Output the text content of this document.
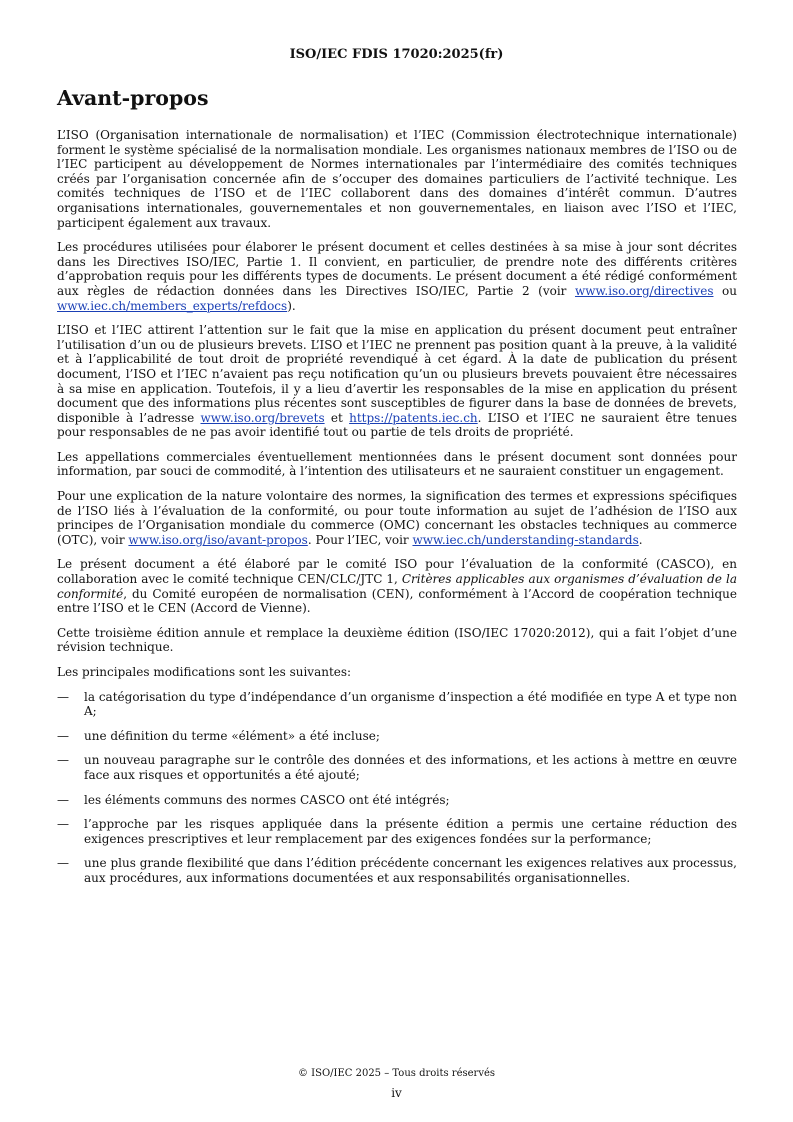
ISO/IEC FDIS 17020:2025(fr)
Avant-propos

L’ISO (Organisation internationale de normalisation) et l’IEC (Commission électrotechnique internationale) forment le système spécialisé de la normalisation mondiale. Les organismes nationaux membres de l’ISO ou de l’IEC participent au développement de Normes internationales par l’intermédiaire des comités techniques créés par l’organisation concernée afin de s’occuper des domaines particuliers de l’activité technique. Les comités techniques de l’ISO et de l’IEC collaborent dans des domaines d’intérêt commun. D’autres organisations internationales, gouvernementales et non gouvernementales, en liaison avec l’ISO et l’IEC, participent également aux travaux.

Les procédures utilisées pour élaborer le présent document et celles destinées à sa mise à jour sont décrites dans les Directives ISO/IEC, Partie 1. Il convient, en particulier, de prendre note des différents critères d’approbation requis pour les différents types de documents. Le présent document a été rédigé conformément aux règles de rédaction données dans les Directives ISO/IEC, Partie 2 (voir www.iso.org/directives ou www.iec.ch/members_experts/refdocs).

L’ISO et l’IEC attirent l’attention sur le fait que la mise en application du présent document peut entraîner l’utilisation d’un ou de plusieurs brevets. L’ISO et l’IEC ne prennent pas position quant à la preuve, à la validité et à l’applicabilité de tout droit de propriété revendiqué à cet égard. À la date de publication du présent document, l’ISO et l’IEC n’avaient pas reçu notification qu’un ou plusieurs brevets pouvaient être nécessaires à sa mise en application. Toutefois, il y a lieu d’avertir les responsables de la mise en application du présent document que des informations plus récentes sont susceptibles de figurer dans la base de données de brevets, disponible à l’adresse www.iso.org/brevets et https://patents.iec.ch. L’ISO et l’IEC ne sauraient être tenues pour responsables de ne pas avoir identifié tout ou partie de tels droits de propriété.

Les appellations commerciales éventuellement mentionnées dans le présent document sont données pour information, par souci de commodité, à l’intention des utilisateurs et ne sauraient constituer un engagement.

Pour une explication de la nature volontaire des normes, la signification des termes et expressions spécifiques de l’ISO liés à l’évaluation de la conformité, ou pour toute information au sujet de l’adhésion de l’ISO aux principes de l’Organisation mondiale du commerce (OMC) concernant les obstacles techniques au commerce (OTC), voir www.iso.org/iso/avant-propos. Pour l’IEC, voir www.iec.ch/understanding-standards.

Le présent document a été élaboré par le comité ISO pour l’évaluation de la conformité (CASCO), en collaboration avec le comité technique CEN/CLC/JTC 1, Critères applicables aux organismes d’évaluation de la conformité, du Comité européen de normalisation (CEN), conformément à l’Accord de coopération technique entre l’ISO et le CEN (Accord de Vienne).

Cette troisième édition annule et remplace la deuxième édition (ISO/IEC 17020:2012), qui a fait l’objet d’une révision technique.

Les principales modifications sont les suivantes:

— la catégorisation du type d’indépendance d’un organisme d’inspection a été modifiée en type A et type non A;
— une définition du terme «élément» a été incluse;
— un nouveau paragraphe sur le contrôle des données et des informations, et les actions à mettre en œuvre face aux risques et opportunités a été ajouté;
— les éléments communs des normes CASCO ont été intégrés;
— l’approche par les risques appliquée dans la présente édition a permis une certaine réduction des exigences prescriptives et leur remplacement par des exigences fondées sur la performance;
— une plus grande flexibilité que dans l’édition précédente concernant les exigences relatives aux processus, aux procédures, aux informations documentées et aux responsabilités organisationnelles.
© ISO/IEC 2025 – Tous droits réservés
iv
